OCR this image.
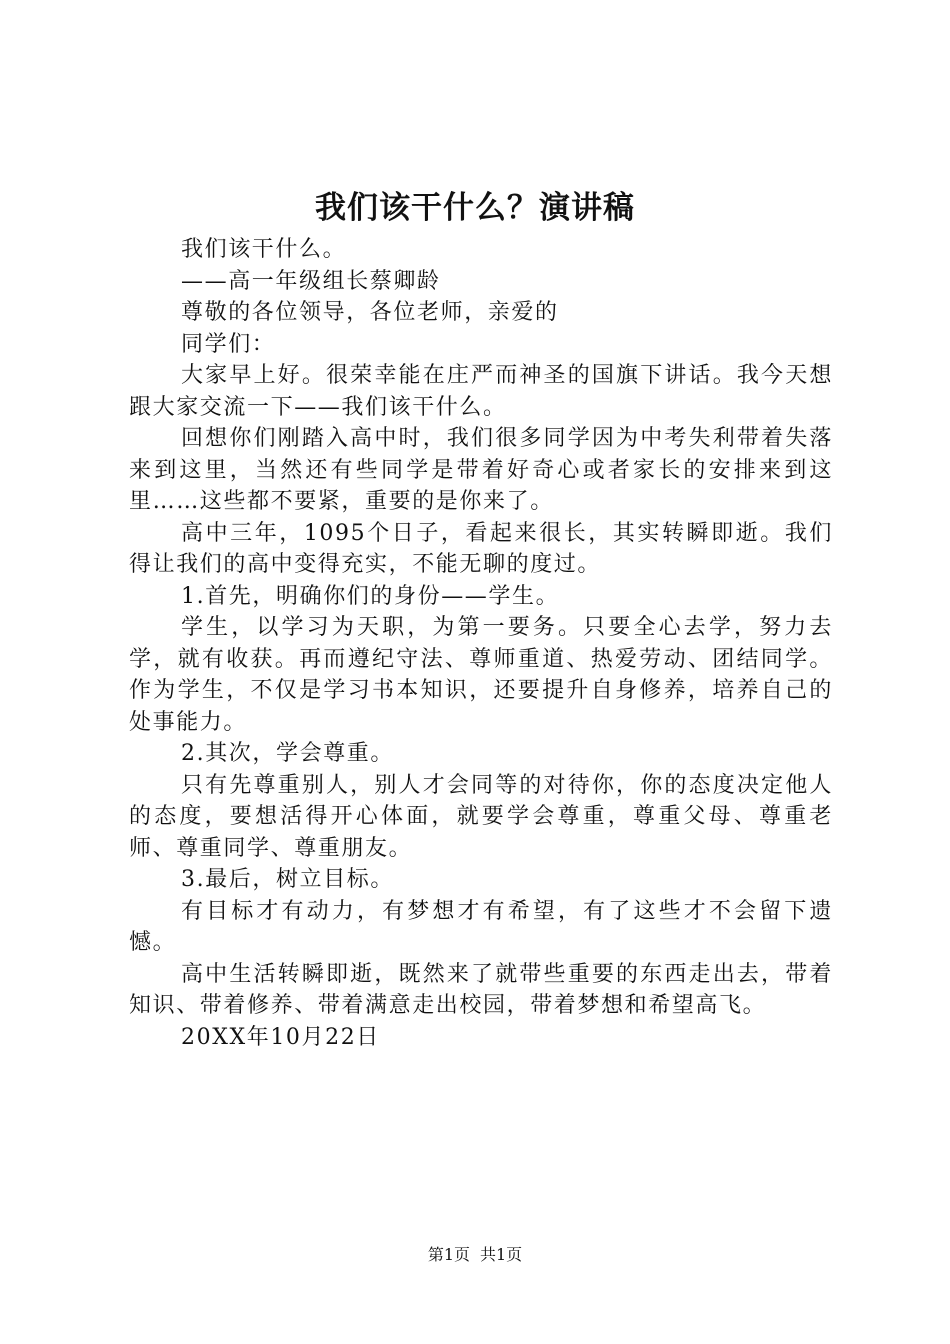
我们该干什么？演讲稿

我们该干什么。

——高一年级组长蔡卿龄

尊敬的各位领导，各位老师，亲爱的

同学们：

大家早上好。很荣幸能在庄严而神圣的国旗下讲话。我今天想跟大家交流一下——我们该干什么。

回想你们刚踏入高中时，我们很多同学因为中考失利带着失落来到这里，当然还有些同学是带着好奇心或者家长的安排来到这里……这些都不要紧，重要的是你来了。

高中三年，1095个日子，看起来很长，其实转瞬即逝。我们得让我们的高中变得充实，不能无聊的度过。

1.首先，明确你们的身份——学生。

学生，以学习为天职，为第一要务。只要全心去学，努力去学，就有收获。再而遵纪守法、尊师重道、热爱劳动、团结同学。作为学生，不仅是学习书本知识，还要提升自身修养，培养自己的处事能力。

2.其次，学会尊重。

只有先尊重别人，别人才会同等的对待你，你的态度决定他人的态度，要想活得开心体面，就要学会尊重，尊重父母、尊重老师、尊重同学、尊重朋友。

3.最后，树立目标。

有目标才有动力，有梦想才有希望，有了这些才不会留下遗憾。

高中生活转瞬即逝，既然来了就带些重要的东西走出去，带着知识、带着修养、带着满意走出校园，带着梦想和希望高飞。

20XX年10月22日

第1页 共1页
